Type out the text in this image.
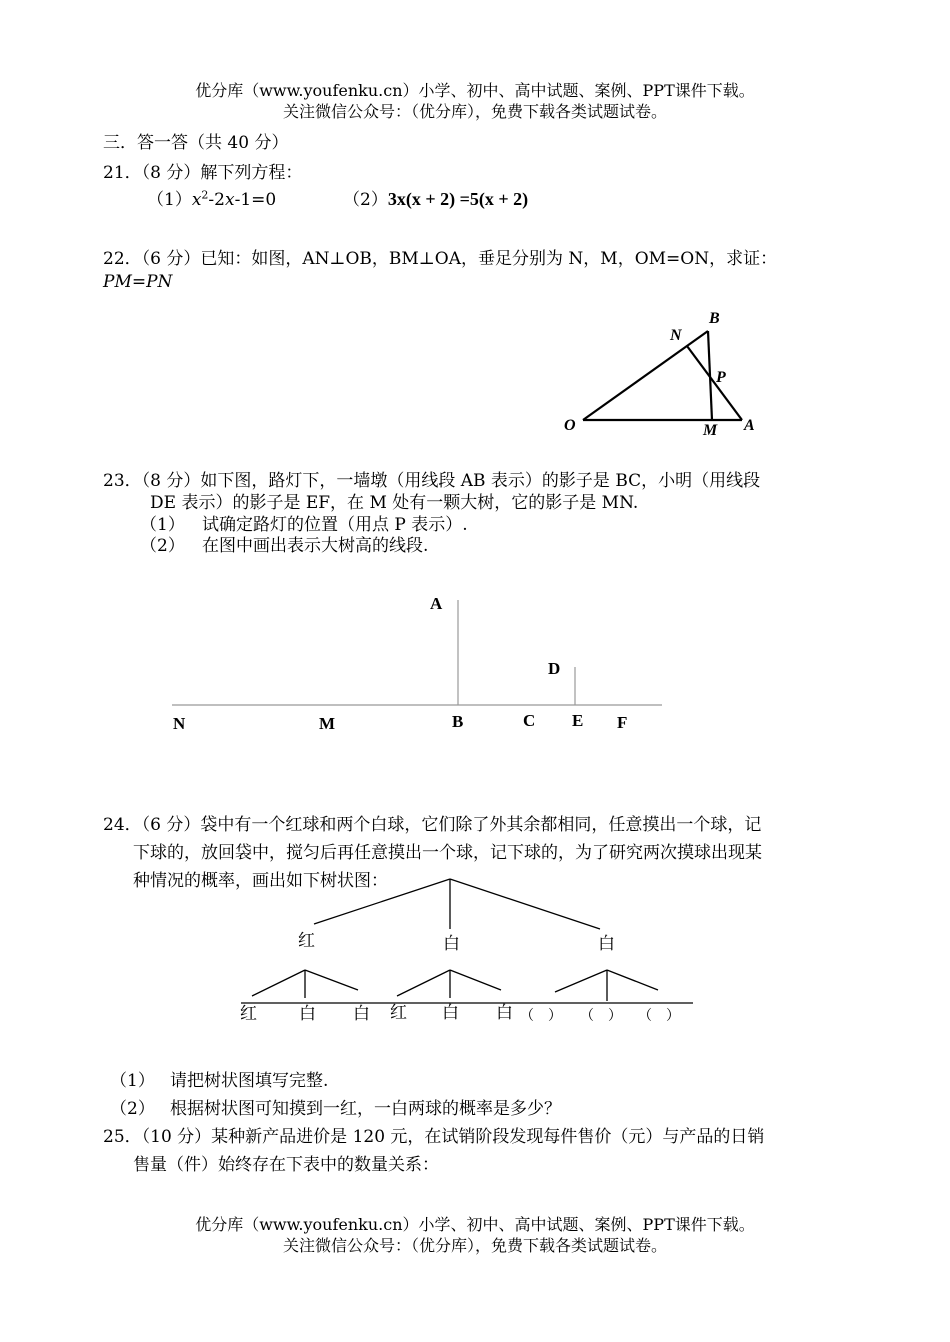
优分库（www.youfenku.cn）小学、初中、高中试题、案例、PPT课件下载。
关注微信公众号：（优分库），免费下载各类试题试卷。
三．答一答（共 40 分）
21．（8 分）解下列方程：
$(1)x^2-2x-1=0$	（2）3x(x + 2) =5(x + 2)
22．（6 分）已知：如图，AN⊥OB，BM⊥OA，垂足分别为 N，M，OM=ON，求证：
PM=PN
B
N
P
O	M A
23．（8 分）如下图，路灯下，一墙墩（用线段 AB 表示）的影子是 BC，小明（用线段
DE 表示）的影子是 EF，在 M 处有一颗大树，它的影子是 MN.
（1） 试确定路灯的位置（用点 P 表示）.
（2） 在图中画出表示大树高的线段.
A
D
N	M	B	C E F
24．（6 分）袋中有一个红球和两个白球，它们除了外其余都相同，任意摸出一个球，记
下球的，放回袋中，搅匀后再任意摸出一个球，记下球的，为了研究两次摸球出现某
种情况的概率，画出如下树状图：
红	白	白
红 白 白 红 白 白 （　） （　） （　）
（1） 请把树状图填写完整.
（2） 根据树状图可知摸到一红，一白两球的概率是多少？
25．（10 分）某种新产品进价是 120 元，在试销阶段发现每件售价（元）与产品的日销
售量（件）始终存在下表中的数量关系：
优分库（www.youfenku.cn）小学、初中、高中试题、案例、PPT课件下载。
关注微信公众号：（优分库），免费下载各类试题试卷。
